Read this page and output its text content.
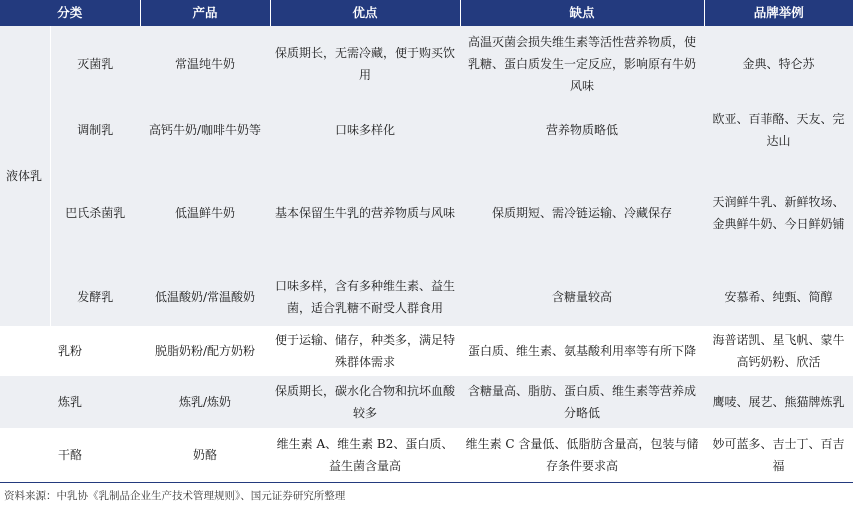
分类		产品	优点	缺点	品牌举例
液体乳	灭菌乳	常温纯牛奶	保质期长，无需冷藏，便于购买饮用	高温灭菌会损失维生素等活性营养物质，使乳糖、蛋白质发生一定反应，影响原有牛奶风味	金典、特仑苏
	调制乳	高钙牛奶/咖啡牛奶等	口味多样化	营养物质略低	欧亚、百菲酪、天友、完达山
	巴氏杀菌乳	低温鲜牛奶	基本保留生牛乳的营养物质与风味	保质期短、需冷链运输、冷藏保存	天润鲜牛乳、新鲜牧场、金典鲜牛奶、今日鲜奶铺
	发酵乳	低温酸奶/常温酸奶	口味多样，含有多种维生素、益生菌，适合乳糖不耐受人群食用	含糖量较高	安慕希、纯甄、简醇
乳粉		脱脂奶粉/配方奶粉	便于运输、储存，种类多，满足特殊群体需求	蛋白质、维生素、氨基酸利用率等有所下降	海普诺凯、星飞帆、蒙牛高钙奶粉、欣活
炼乳		炼乳/炼奶	保质期长，碳水化合物和抗坏血酸较多	含糖量高、脂肪、蛋白质、维生素等营养成分略低	鹰唛、展艺、熊猫牌炼乳
干酪		奶酪	维生素 A、维生素 B2、蛋白质、益生菌含量高	维生素 C 含量低、低脂肪含量高，包装与储存条件要求高	妙可蓝多、吉士丁、百吉福
资料来源：中乳协《乳制品企业生产技术管理规则》、国元证券研究所整理
